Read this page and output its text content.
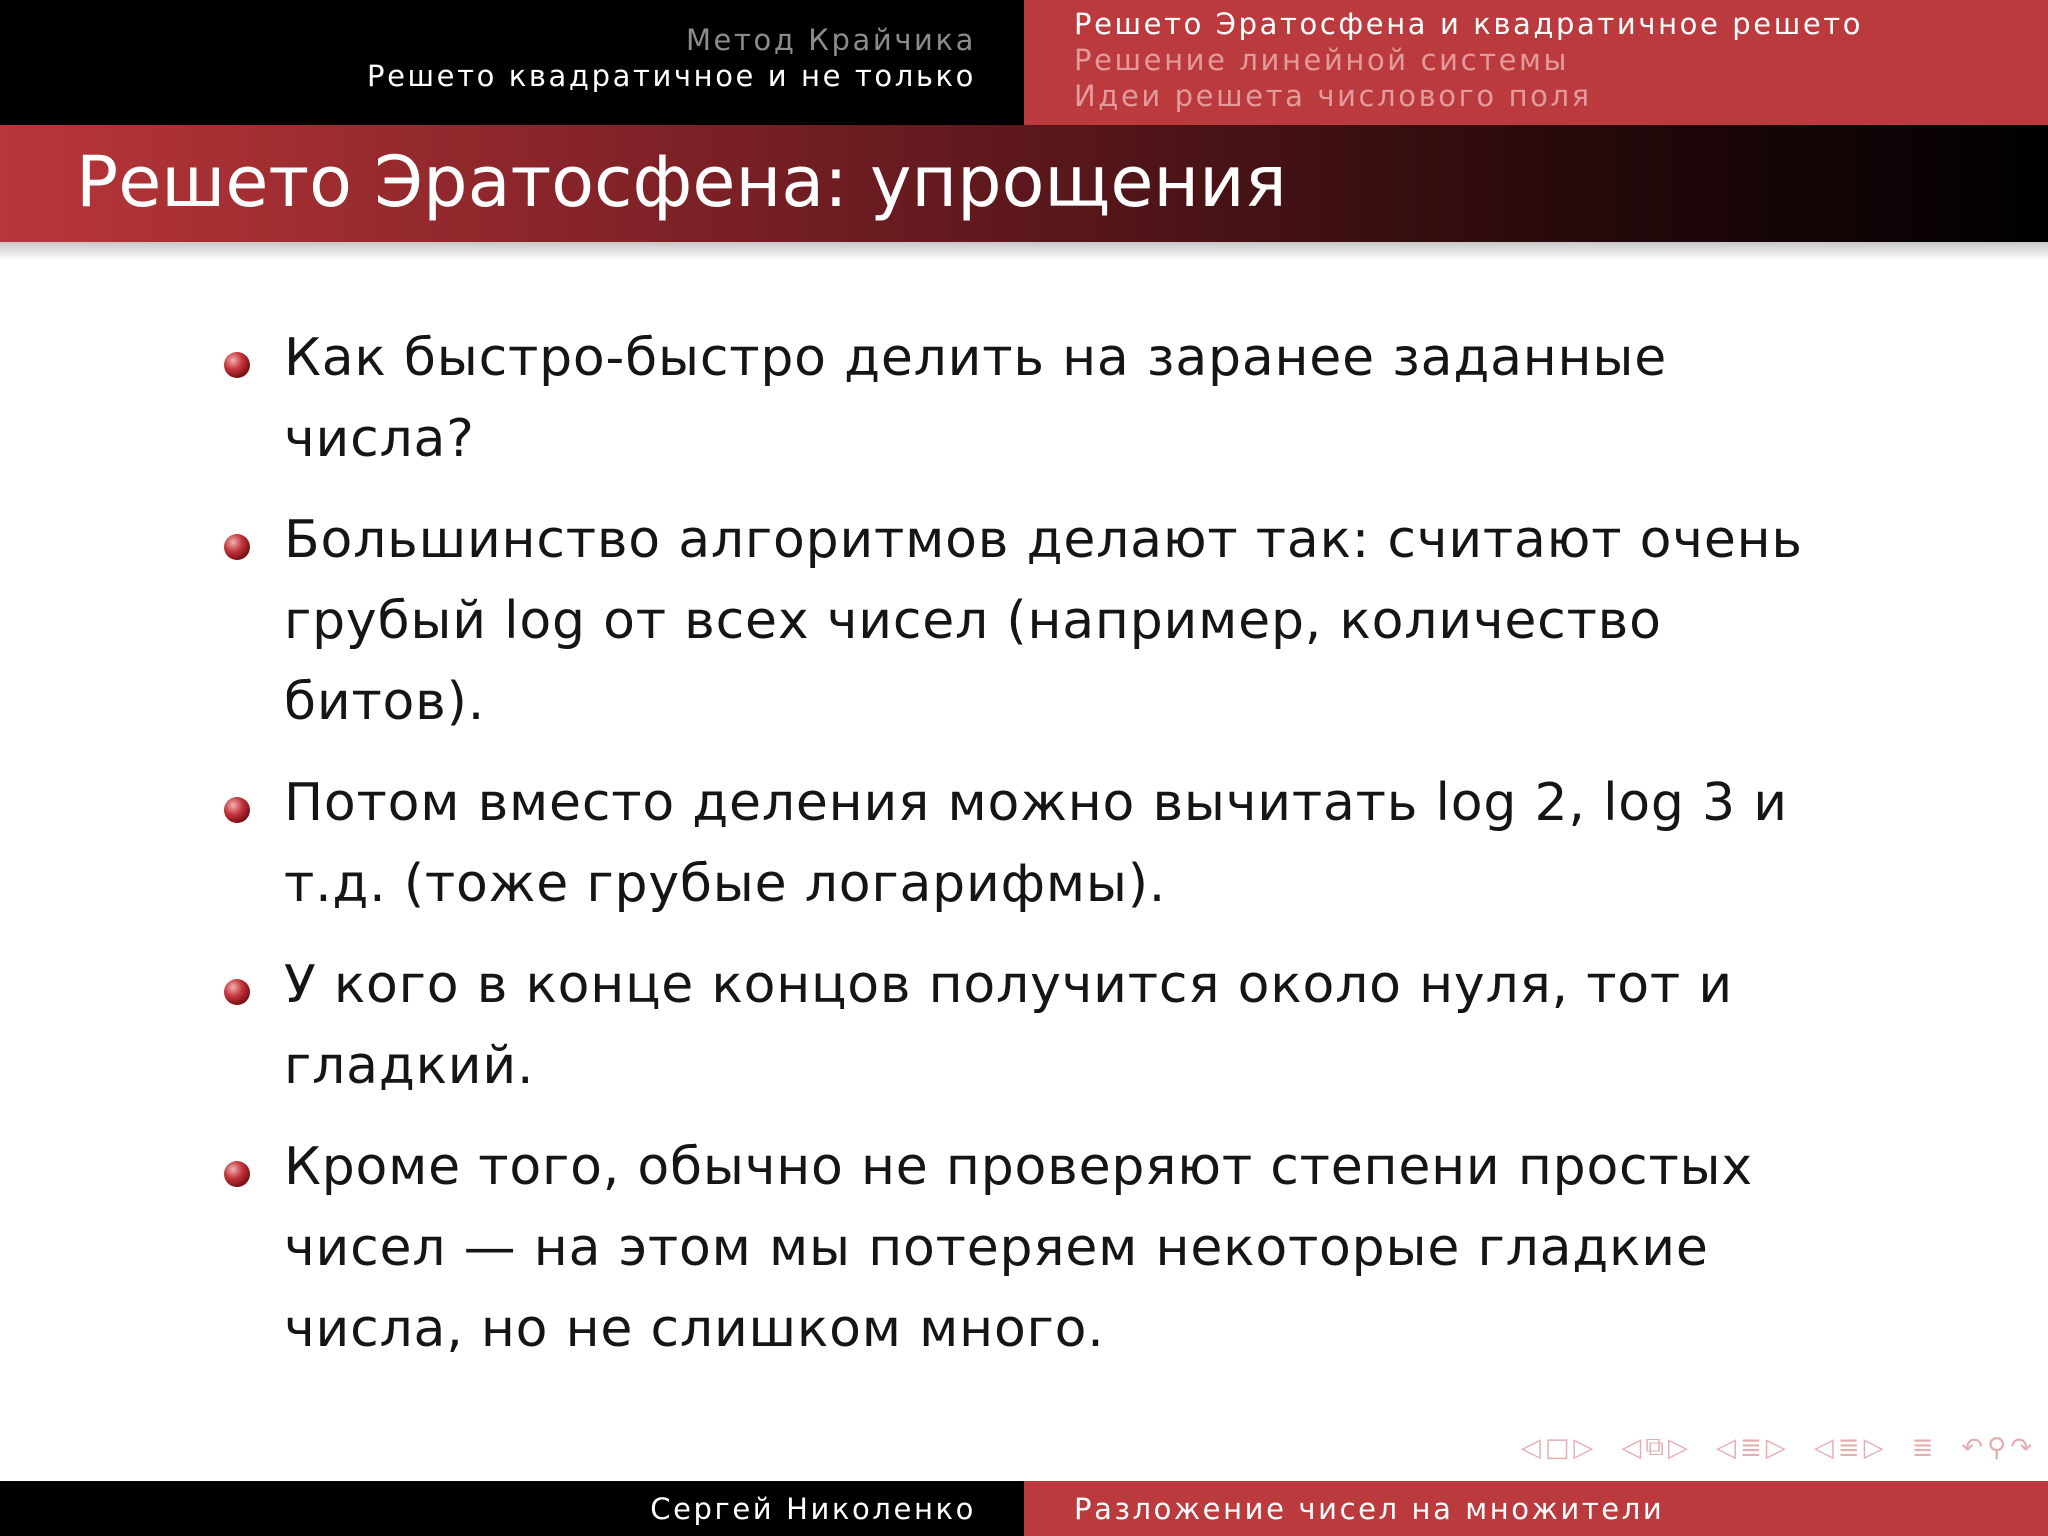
Метод Крайчика
Решето квадратичное и не только
Решето Эратосфена и квадратичное решето
Решение линейной системы
Идеи решета числового поля
Решето Эратосфена: упрощения
Как быстро-быстро делить на заранее заданные числа?
Большинство алгоритмов делают так: считают очень грубый log от всех чисел (например, количество битов).
Потом вместо деления можно вычитать log 2, log 3 и т.д. (тоже грубые логарифмы).
У кого в конце концов получится около нуля, тот и гладкий.
Кроме того, обычно не проверяют степени простых чисел — на этом мы потеряем некоторые гладкие числа, но не слишком много.
◁ □ ▷ ◁ ⧉ ▷ ◁ ≣ ▷ ◁ ≣ ▷ ≣ ↶ ⚲ ↷
Сергей Николенко	Разложение чисел на множители
